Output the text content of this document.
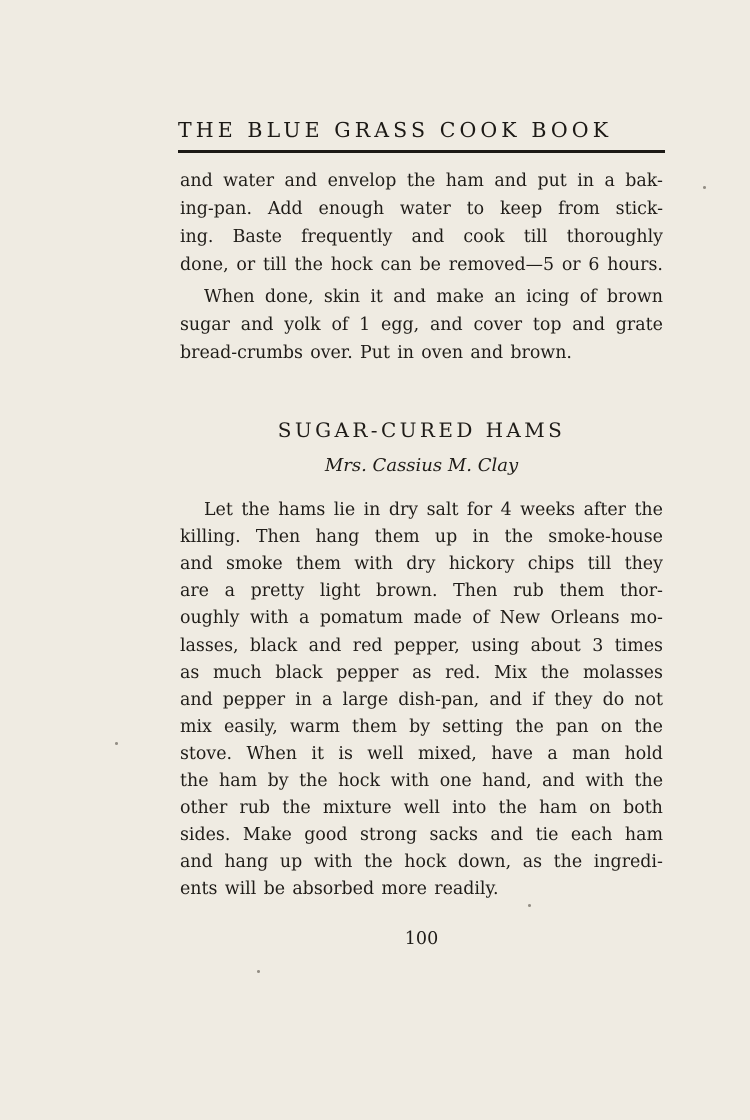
THE BLUE GRASS COOK BOOK
and water and envelop the ham and put in a bak-
ing-pan. Add enough water to keep from stick-
ing. Baste frequently and cook till thoroughly
done, or till the hock can be removed—5 or 6 hours.
When done, skin it and make an icing of brown
sugar and yolk of 1 egg, and cover top and grate
bread-crumbs over. Put in oven and brown.
SUGAR-CURED HAMS
Mrs. Cassius M. Clay
Let the hams lie in dry salt for 4 weeks after the
killing. Then hang them up in the smoke-house
and smoke them with dry hickory chips till they
are a pretty light brown. Then rub them thor-
oughly with a pomatum made of New Orleans mo-
lasses, black and red pepper, using about 3 times
as much black pepper as red. Mix the molasses
and pepper in a large dish-pan, and if they do not
mix easily, warm them by setting the pan on the
stove. When it is well mixed, have a man hold
the ham by the hock with one hand, and with the
other rub the mixture well into the ham on both
sides. Make good strong sacks and tie each ham
and hang up with the hock down, as the ingredi-
ents will be absorbed more readily.
100
